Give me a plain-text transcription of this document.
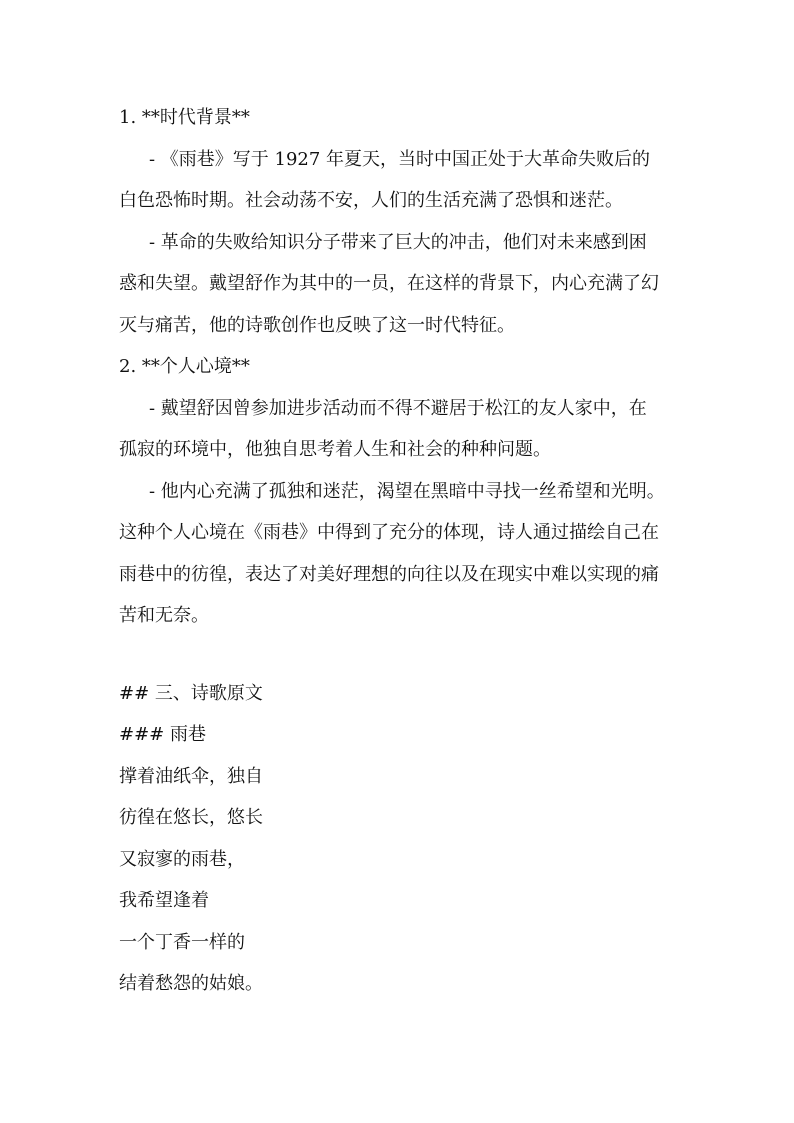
1. **时代背景**
- 《雨巷》写于 1927 年夏天，当时中国正处于大革命失败后的
白色恐怖时期。社会动荡不安，人们的生活充满了恐惧和迷茫。
- 革命的失败给知识分子带来了巨大的冲击，他们对未来感到困
惑和失望。戴望舒作为其中的一员，在这样的背景下，内心充满了幻
灭与痛苦，他的诗歌创作也反映了这一时代特征。
2. **个人心境**
- 戴望舒因曾参加进步活动而不得不避居于松江的友人家中，在
孤寂的环境中，他独自思考着人生和社会的种种问题。
- 他内心充满了孤独和迷茫，渴望在黑暗中寻找一丝希望和光明。
这种个人心境在《雨巷》中得到了充分的体现，诗人通过描绘自己在
雨巷中的彷徨，表达了对美好理想的向往以及在现实中难以实现的痛
苦和无奈。
## 三、诗歌原文
### 雨巷
撑着油纸伞，独自
彷徨在悠长，悠长
又寂寥的雨巷，
我希望逢着
一个丁香一样的
结着愁怨的姑娘。
